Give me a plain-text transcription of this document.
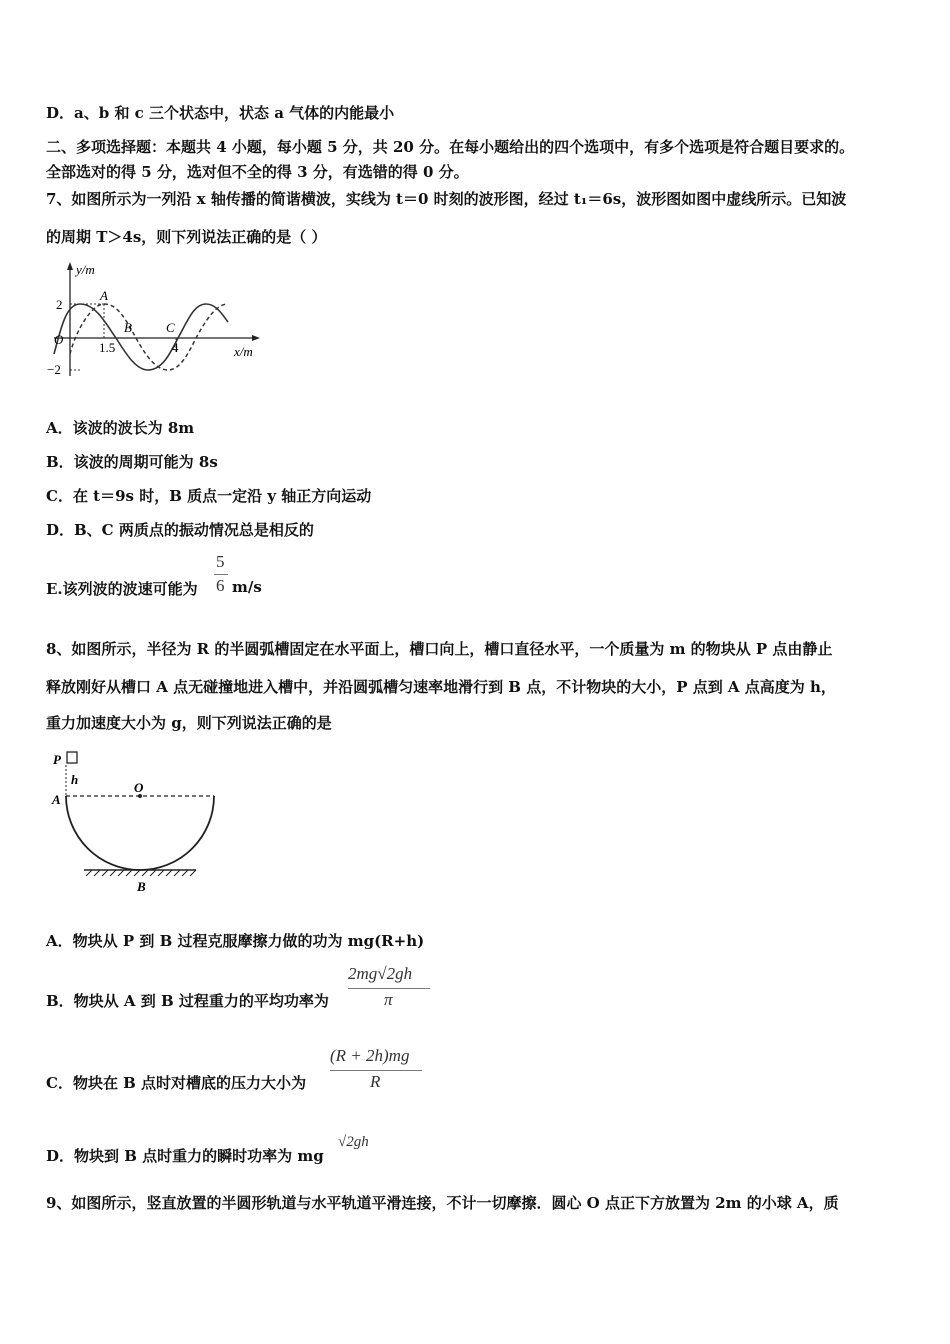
D．a、b 和 c 三个状态中，状态 a 气体的内能最小
二、多项选择题：本题共 4 小题，每小题 5 分，共 20 分。在每小题给出的四个选项中，有多个选项是符合题目要求的。
全部选对的得 5 分，选对但不全的得 3 分，有选错的得 0 分。
7、如图所示为一列沿 x 轴传播的简谐横波，实线为 t＝0 时刻的波形图，经过 t₁＝6s，波形图如图中虚线所示。已知波
的周期 T＞4s，则下列说法正确的是（ ）
y/m
2
−2
O
1.5	4	x/m
A
B	C
A．该波的波长为 8m
B．该波的周期可能为 8s
C．在 t＝9s 时，B 质点一定沿 y 轴正方向运动
D．B、C 两质点的振动情况总是相反的
E.该列波的波速可能为
5
6 m/s
8、如图所示，半径为 R 的半圆弧槽固定在水平面上，槽口向上，槽口直径水平，一个质量为 m 的物块从 P 点由静止
释放刚好从槽口 A 点无碰撞地进入槽中，并沿圆弧槽匀速率地滑行到 B 点，不计物块的大小，P 点到 A 点高度为 h，
重力加速度大小为 g，则下列说法正确的是
P
h
O
A
B
A．物块从 P 到 B 过程克服摩擦力做的功为 mg(R+h)
B．物块从 A 到 B 过程重力的平均功率为
2mg√2gh
π
C．物块在 B 点时对槽底的压力大小为
(R + 2h)mg
R
D．物块到 B 点时重力的瞬时功率为 mg
√2gh
9、如图所示，竖直放置的半圆形轨道与水平轨道平滑连接，不计一切摩擦．圆心 O 点正下方放置为 2m 的小球 A，质
